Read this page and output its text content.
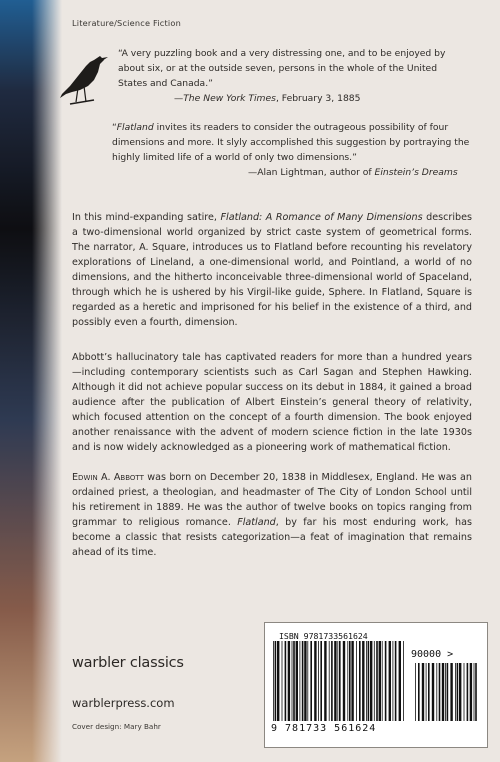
Literature/Science Fiction
“A very puzzling book and a very distressing one, and to be enjoyed by about six, or at the outside seven, persons in the whole of the United States and Canada.”
—The New York Times, February 3, 1885
“Flatland invites its readers to consider the outrageous possibility of four dimensions and more. It slyly accomplished this suggestion by portraying the highly limited life of a world of only two dimensions.”
—Alan Lightman, author of Einstein’s Dreams
In this mind-expanding satire, Flatland: A Romance of Many Dimensions describes a two-dimensional world organized by strict caste system of geometrical forms. The narrator, A. Square, introduces us to Flatland before recounting his revelatory explorations of Lineland, a one-dimensional world, and Pointland, a world of no dimensions, and the hitherto inconceivable three-dimensional world of Spaceland, through which he is ushered by his Virgil-like guide, Sphere. In Flatland, Square is regarded as a heretic and imprisoned for his belief in the existence of a third, and possibly even a fourth, dimension.
Abbott’s hallucinatory tale has captivated readers for more than a hundred years—including contemporary scientists such as Carl Sagan and Stephen Hawking. Although it did not achieve popular success on its debut in 1884, it gained a broad audience after the publication of Albert Einstein’s general theory of relativity, which focused attention on the concept of a fourth dimension. The book enjoyed another renaissance with the advent of modern science fiction in the late 1930s and is now widely acknowledged as a pioneering work of mathematical fiction.
Edwin A. Abbott was born on December 20, 1838 in Middlesex, England. He was an ordained priest, a theologian, and headmaster of The City of London School until his retirement in 1889. He was the author of twelve books on topics ranging from grammar to religious romance. Flatland, by far his most enduring work, has become a classic that resists categorization—a feat of imagination that remains ahead of its time.
ISBN 9781733561624
90000 >
9 781733 561624
warbler classics
warblerpress.com
Cover design: Mary Bahr
